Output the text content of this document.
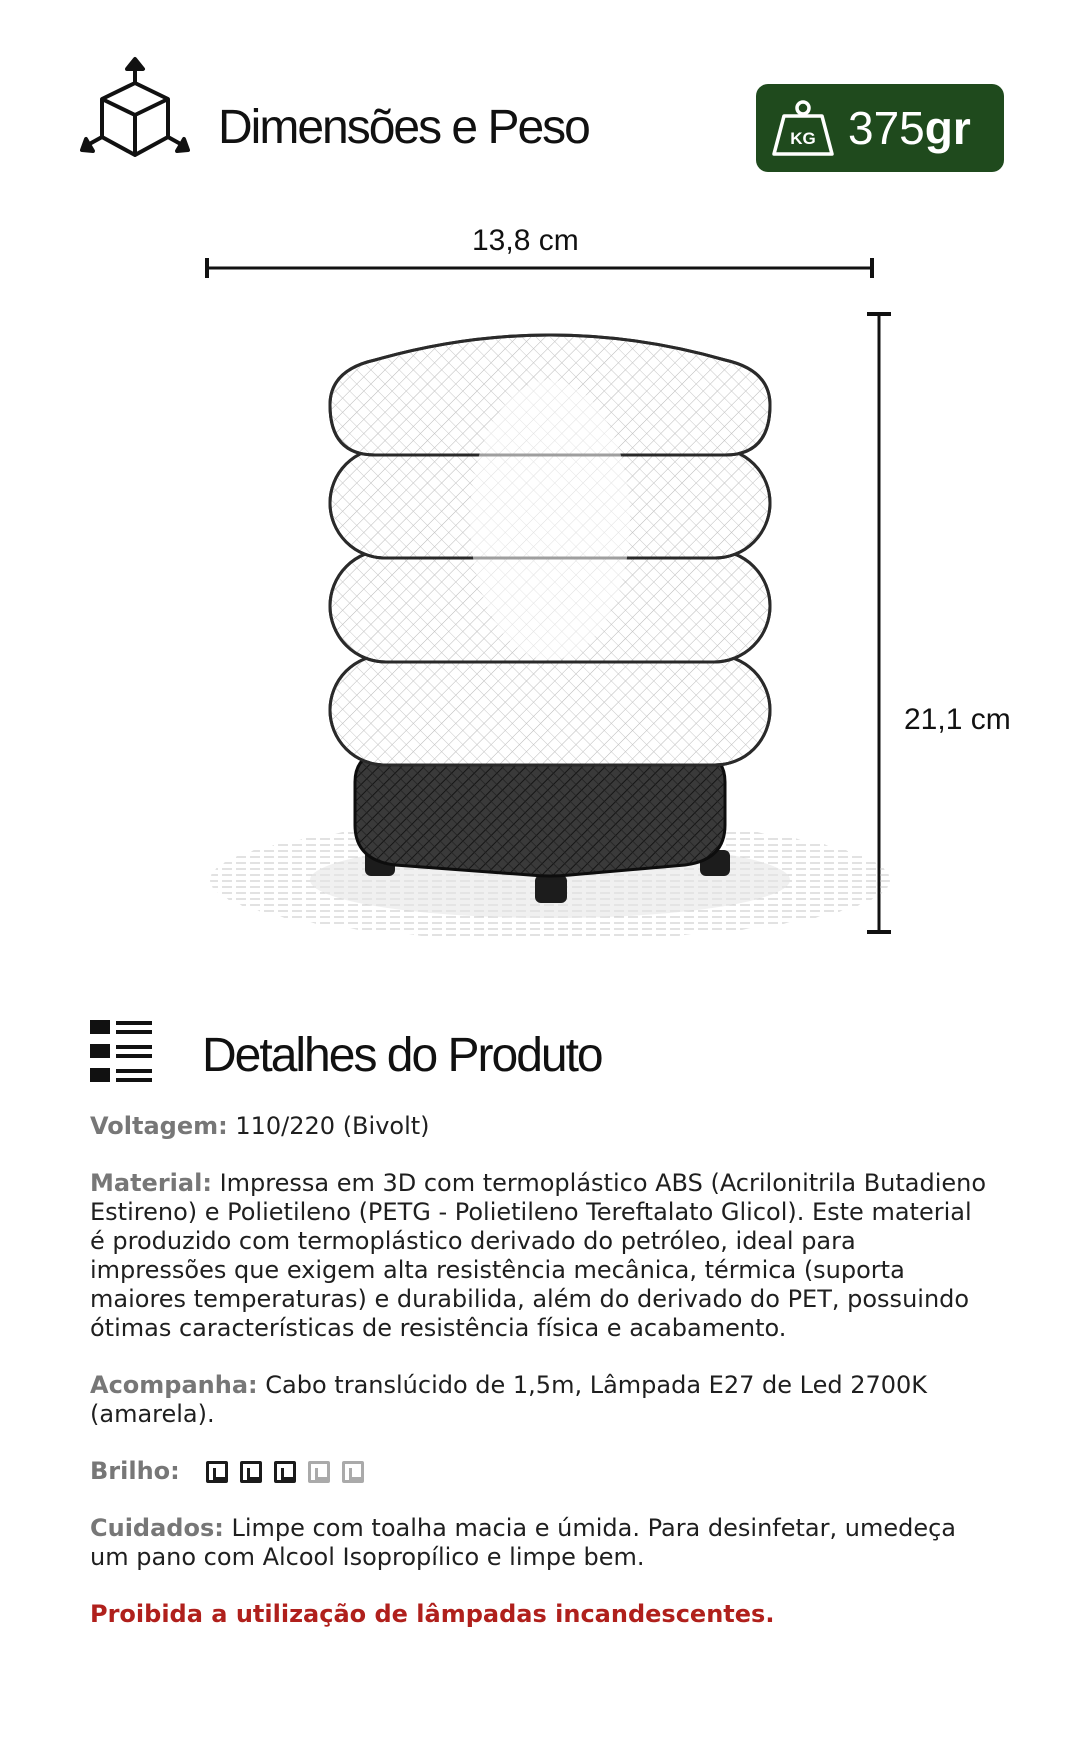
Dimensões e Peso	KG 375gr
13,8 cm
21,1 cm
Detalhes do Produto

Voltagem: 110/220 (Bivolt)

Material: Impressa em 3D com termoplástico ABS (Acrilonitrila Butadieno Estireno) e Polietileno (PETG - Polietileno Tereftalato Glicol). Este material é produzido com termoplástico derivado do petróleo, ideal para impressões que exigem alta resistência mecânica, térmica (suporta maiores temperaturas) e durabilida, além do derivado do PET, possuindo ótimas características de resistência física e acabamento.

Acompanha: Cabo translúcido de 1,5m, Lâmpada E27 de Led 2700K (amarela).

Brilho:

Cuidados: Limpe com toalha macia e úmida. Para desinfetar, umedeça um pano com Alcool Isopropílico e limpe bem.

Proibida a utilização de lâmpadas incandescentes.
